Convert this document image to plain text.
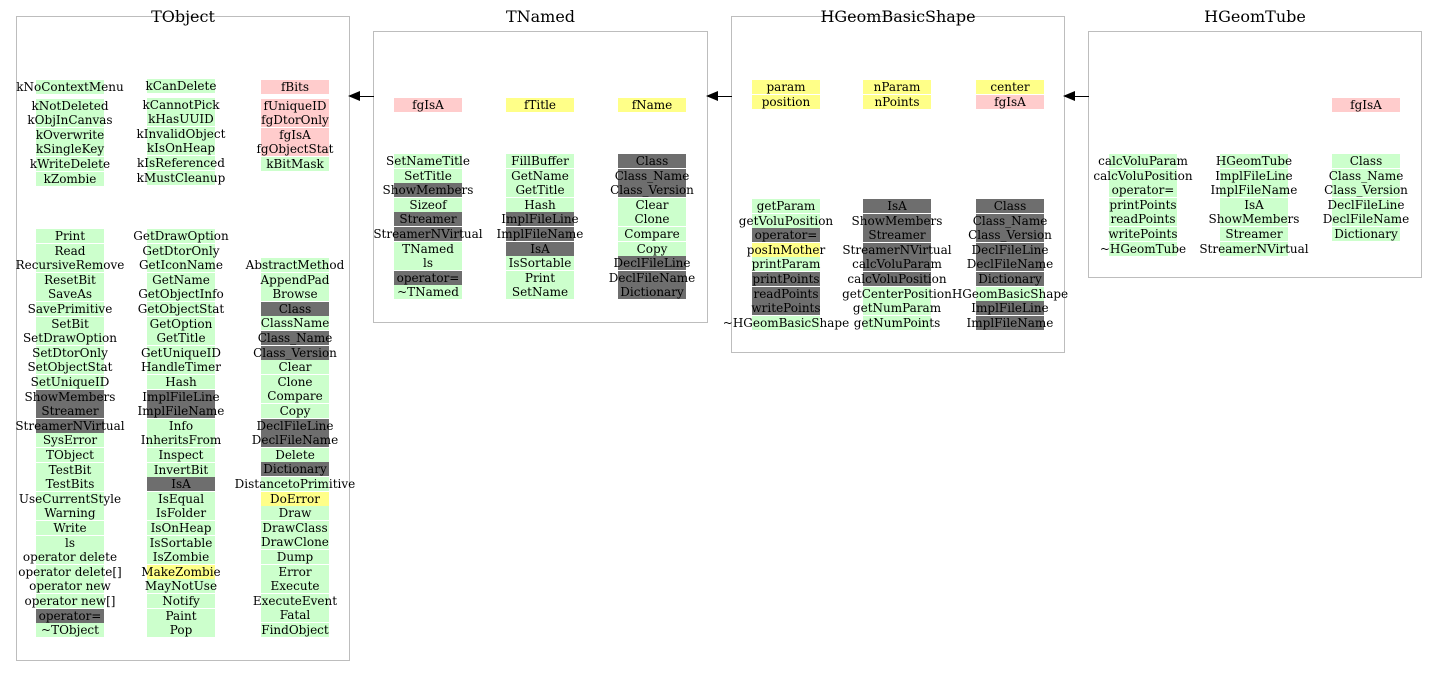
TObject
kNoContextMenu
kNotDeleted
kObjInCanvas
kOverwrite
kSingleKey
kWriteDelete
kZombie
kCanDelete
kCannotPick
kHasUUID
kInvalidObject
kIsOnHeap
kIsReferenced
kMustCleanup
fBits
fUniqueID
fgDtorOnly
fgIsA
fgObjectStat
kBitMask
Print
Read
RecursiveRemove
ResetBit
SaveAs
SavePrimitive
SetBit
SetDrawOption
SetDtorOnly
SetObjectStat
SetUniqueID
ShowMembers
Streamer
StreamerNVirtual
SysError
TObject
TestBit
TestBits
UseCurrentStyle
Warning
Write
ls
operator delete
operator delete[]
operator new
operator new[]
operator=
~TObject
GetDrawOption
GetDtorOnly
GetIconName
GetName
GetObjectInfo
GetObjectStat
GetOption
GetTitle
GetUniqueID
HandleTimer
Hash
ImplFileLine
ImplFileName
Info
InheritsFrom
Inspect
InvertBit
IsA
IsEqual
IsFolder
IsOnHeap
IsSortable
IsZombie
MakeZombie
MayNotUse
Notify
Paint
Pop
AbstractMethod
AppendPad
Browse
Class
ClassName
Class_Name
Class_Version
Clear
Clone
Compare
Copy
DeclFileLine
DeclFileName
Delete
Dictionary
DistancetoPrimitive
DoError
Draw
DrawClass
DrawClone
Dump
Error
Execute
ExecuteEvent
Fatal
FindObject
TNamed
fgIsA	fTitle	fName
SetNameTitle
SetTitle
ShowMembers
Sizeof
Streamer
StreamerNVirtual
TNamed
ls
operator=
~TNamed
FillBuffer
GetName
GetTitle
Hash
ImplFileLine
ImplFileName
IsA
IsSortable
Print
SetName
Class
Class_Name
Class_Version
Clear
Clone
Compare
Copy
DeclFileLine
DeclFileName
Dictionary
HGeomBasicShape
param
position
nParam
nPoints
center
fgIsA
getParam
getVoluPosition
operator=
posInMother
printParam
printPoints
readPoints
writePoints
~HGeomBasicShape
IsA
ShowMembers
Streamer
StreamerNVirtual
calcVoluParam
calcVoluPosition
getCenterPosition
getNumParam
getNumPoints
Class
Class_Name
Class_Version
DeclFileLine
DeclFileName
Dictionary
HGeomBasicShape
ImplFileLine
ImplFileName
HGeomTube
fgIsA
calcVoluParam
calcVoluPosition
operator=
printPoints
readPoints
writePoints
~HGeomTube
HGeomTube
ImplFileLine
ImplFileName
IsA
ShowMembers
Streamer
StreamerNVirtual
Class
Class_Name
Class_Version
DeclFileLine
DeclFileName
Dictionary
